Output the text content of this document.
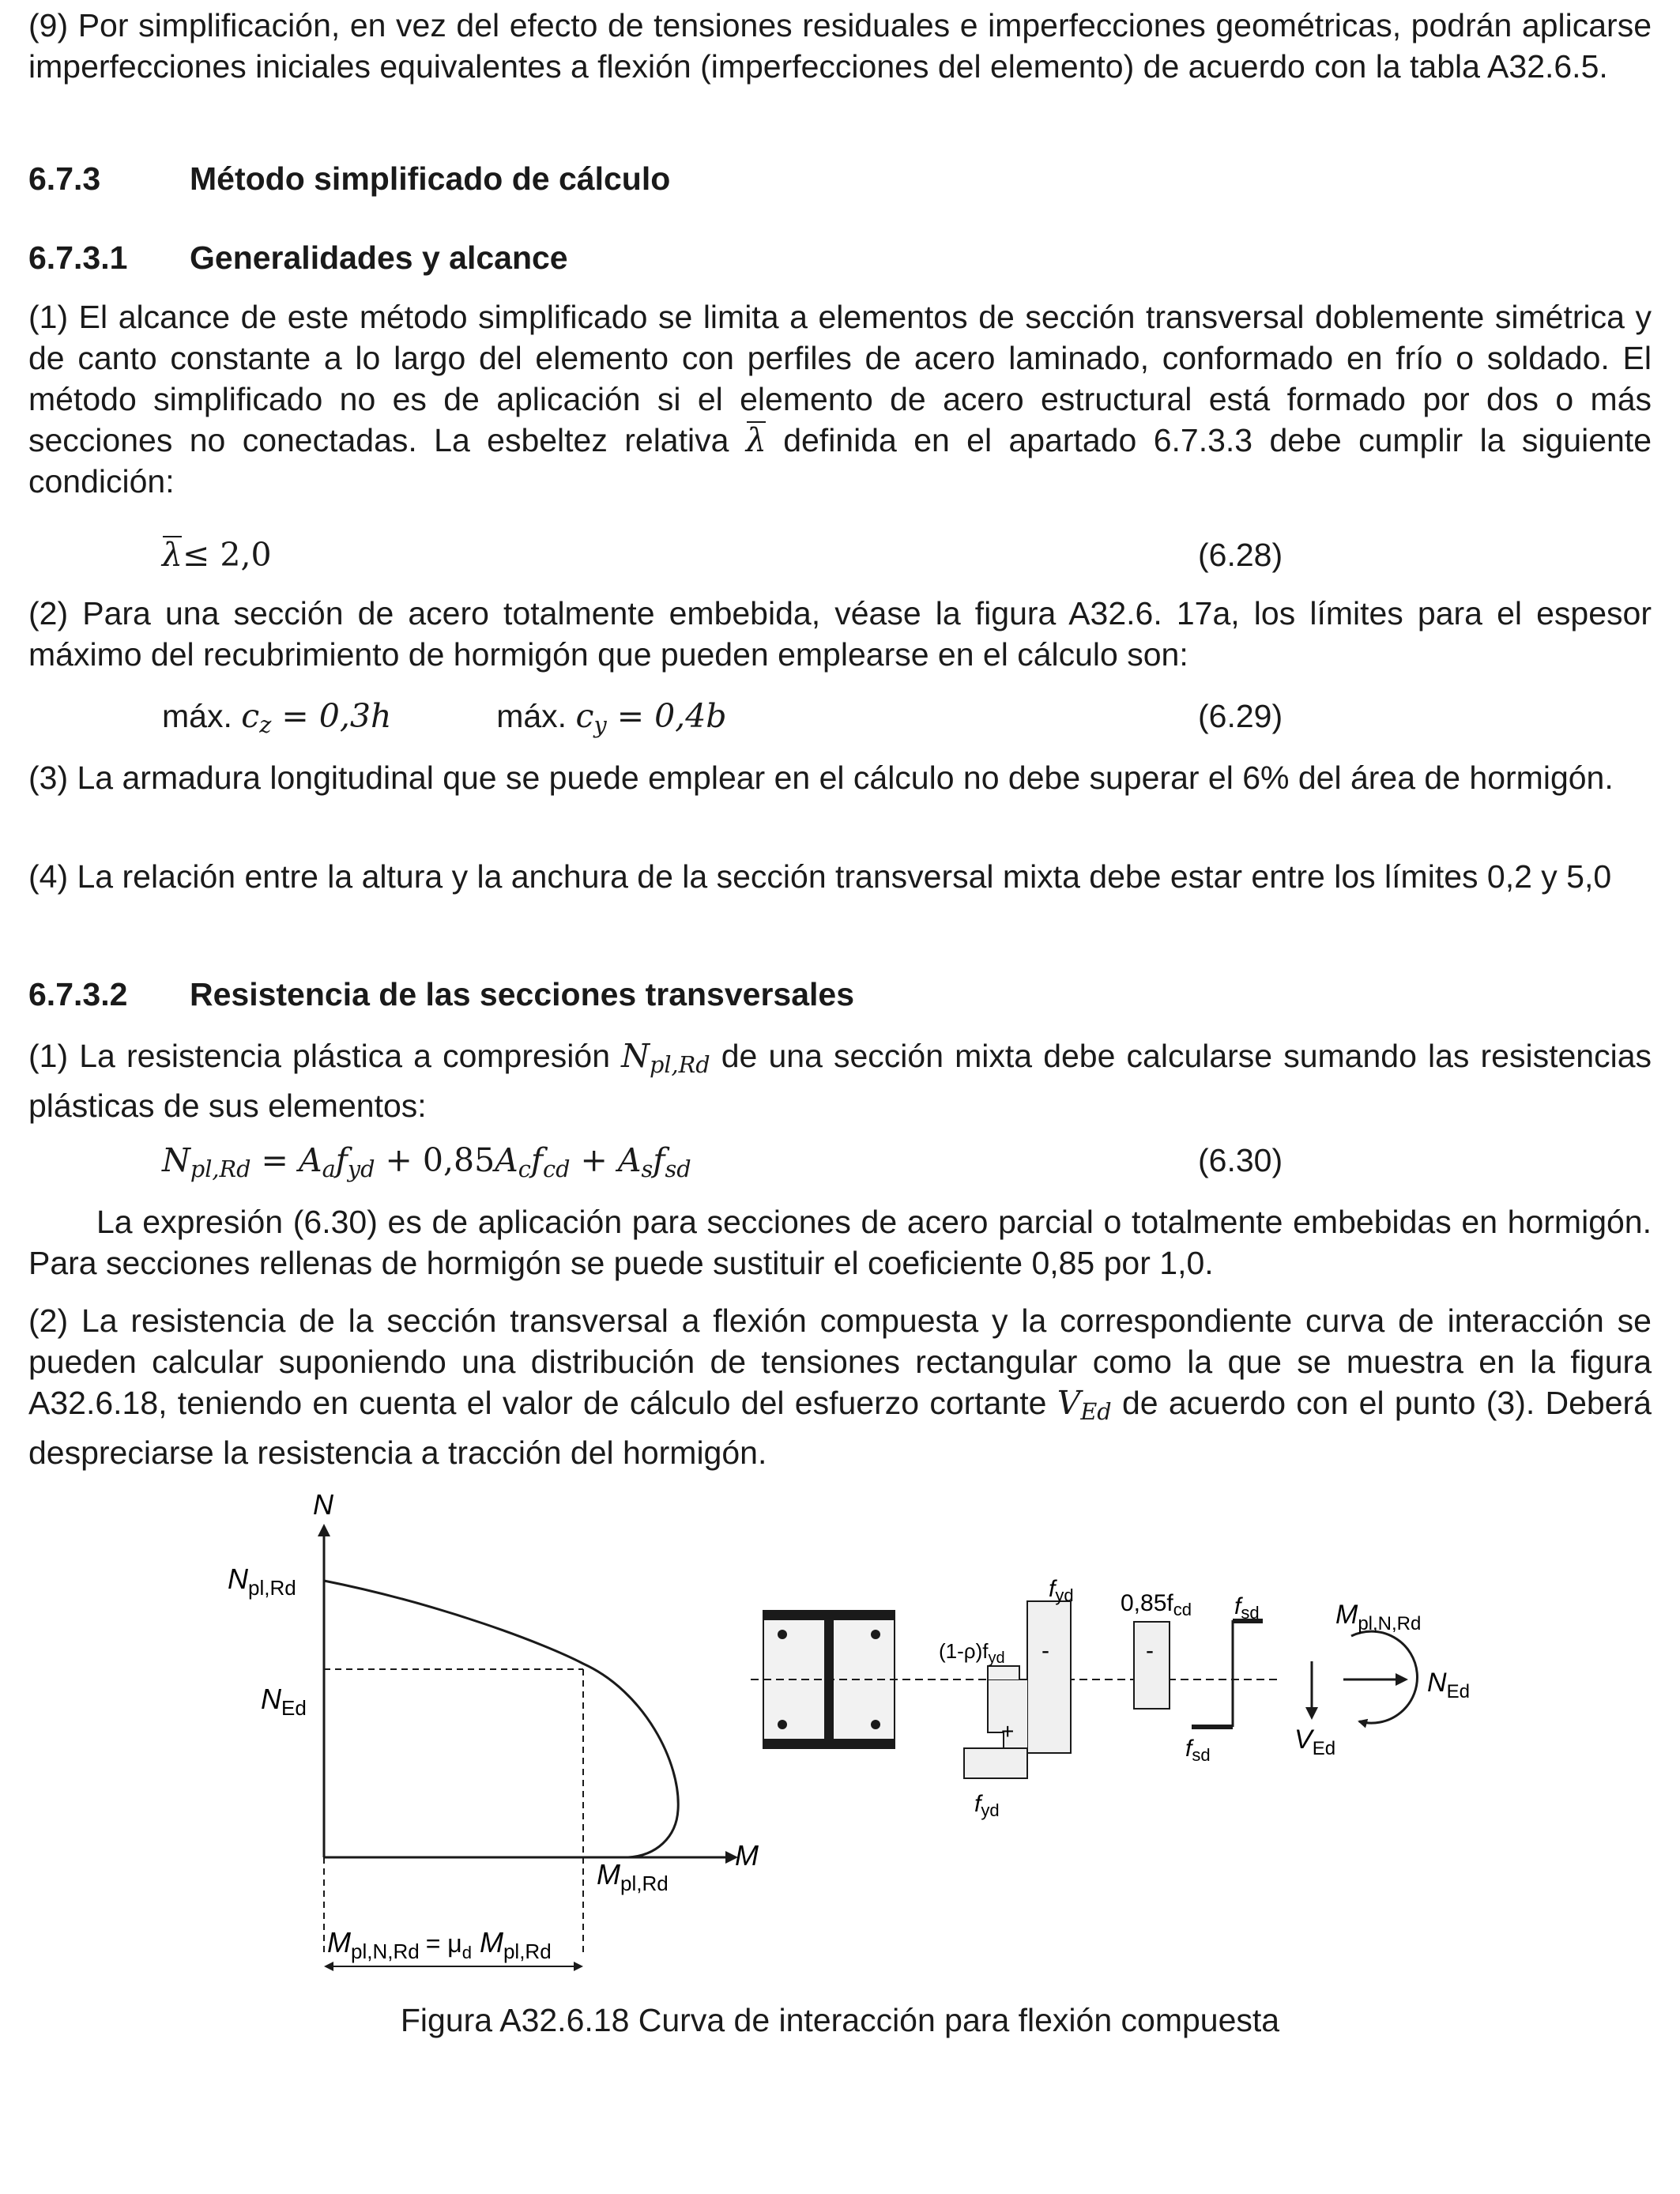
(9) Por simplificación, en vez del efecto de tensiones residuales e imperfecciones geométricas, podrán aplicarse imperfecciones iniciales equivalentes a flexión (imperfecciones del elemento) de acuerdo con la tabla A32.6.5.

6.7.3	Método simplificado de cálculo
6.7.3.1 Generalidades y alcance

(1) El alcance de este método simplificado se limita a elementos de sección transversal doblemente simétrica y de canto constante a lo largo del elemento con perfiles de acero laminado, conformado en frío o soldado. El método simplificado no es de aplicación si el elemento de acero estructural está formado por dos o más secciones no conectadas. La esbeltez relativa λ definida en el apartado 6.7.3.3 debe cumplir la siguiente condición:

λ≤ 2,0	(6.28)

(2) Para una sección de acero totalmente embebida, véase la figura A32.6. 17a, los límites para el espesor máximo del recubrimiento de hormigón que pueden emplearse en el cálculo son:

máx. $c_z = 0,3h$	máx. $c_y = 0,4b$	(6.29)

(3) La armadura longitudinal que se puede emplear en el cálculo no debe superar el 6% del área de hormigón.

(4) La relación entre la altura y la anchura de la sección transversal mixta debe estar entre los límites 0,2 y 5,0

6.7.3.2 Resistencia de las secciones transversales

(1) La resistencia plástica a compresión $N_{pl,Rd}$ de una sección mixta debe calcularse sumando las resistencias plásticas de sus elementos:

$N_{pl,Rd} = A_af_{yd} + 0,85A_cf_{cd} + A_sf_{sd}$	(6.30)

La expresión (6.30) es de aplicación para secciones de acero parcial o totalmente embebidas en hormigón. Para secciones rellenas de hormigón se puede sustituir el coeficiente 0,85 por 1,0.

(2) La resistencia de la sección transversal a flexión compuesta y la correspondiente curva de interacción se pueden calcular suponiendo una distribución de tensiones rectangular como la que se muestra en la figura A32.6.18, teniendo en cuenta el valor de cálculo del esfuerzo cortante $V_{Ed}$ de acuerdo con el punto (3). Deberá despreciarse la resistencia a tracción del hormigón.

N
M
$N_{pl,Rd}$
$N_{Ed}$
$M_{pl,Rd}$
$M_{pl,N,Rd} = \mu_d$ $M_{pl,Rd}$
-
+
-
$f_{yd}$
$(1-\rho)f_{yd}$
$f_{yd}$
$0,85f_{cd}$ $f_{sd}$
$f_{sd}$
$M_{pl,N,Rd}$
$N_{Ed}$
$V_{Ed}$
Figura A32.6.18 Curva de interacción para flexión compuesta
